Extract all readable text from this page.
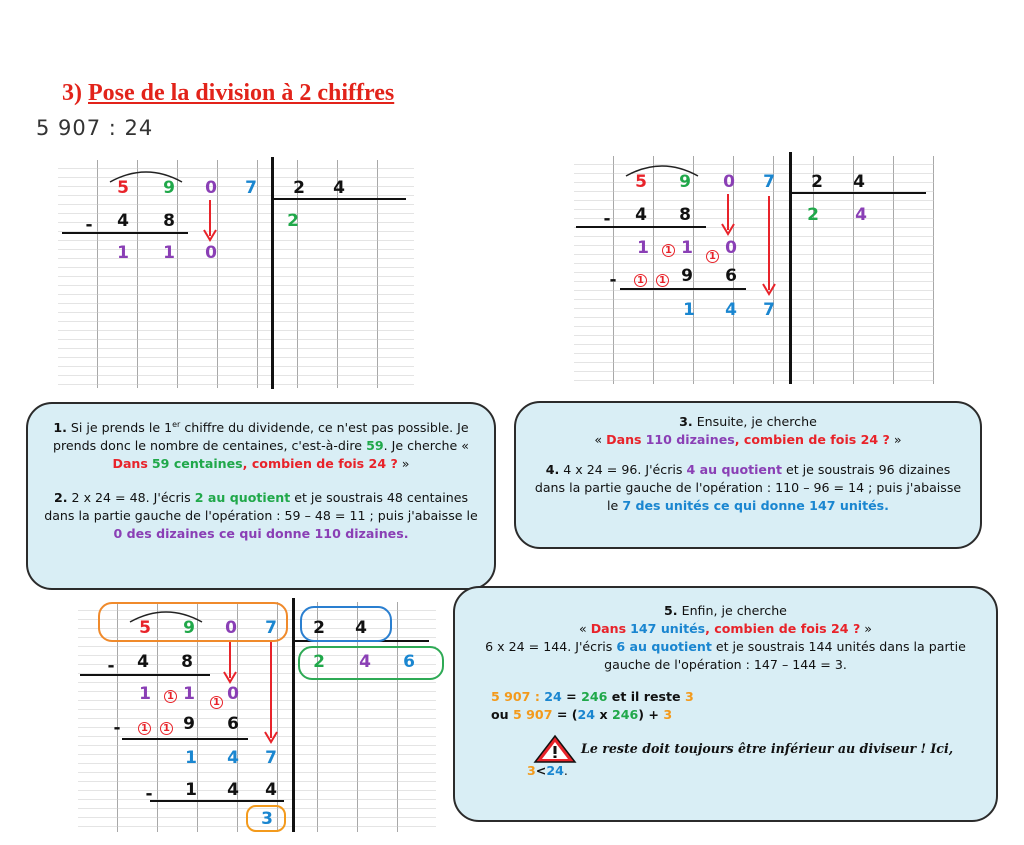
3) Pose de la division à 2 chiffres
5 907 : 24
5	9	0	7	2	4
-	4	8
1	1	0
2
5	9	0	7	2	4
-	4	8
1	1 1	1 0
-	1	1 9	6
1	4	7
2	4
5	9	0	7	2	4
-	4	8
1	1 1	1 0
-	1	1 9	6
1	4	7
-	1	4	4
3
2	4	6
1. Si je prends le 1er chiffre du dividende, ce n'est pas possible. Je prends donc le nombre de centaines, c'est-à-dire 59. Je cherche « Dans 59 centaines, combien de fois 24 ? »
2. 2 x 24 = 48. J'écris 2 au quotient et je soustrais 48 centaines dans la partie gauche de l'opération : 59 – 48 = 11 ; puis j'abaisse le 0 des dizaines ce qui donne 110 dizaines.
3. Ensuite, je cherche
« Dans 110 dizaines, combien de fois 24 ? »
4. 4 x 24 = 96. J'écris 4 au quotient et je soustrais 96 dizaines dans la partie gauche de l'opération : 110 – 96 = 14 ; puis j'abaisse le 7 des unités ce qui donne 147 unités.
5. Enfin, je cherche
« Dans 147 unités, combien de fois 24 ? »
6 x 24 = 144. J'écris 6 au quotient et je soustrais 144 unités dans la partie gauche de l'opération : 147 – 144 = 3.
5 907 : 24 = 246 et il reste 3
ou 5 907 = (24 x 246) + 3
Le reste doit toujours être inférieur au diviseur ! Ici, 3<24.
